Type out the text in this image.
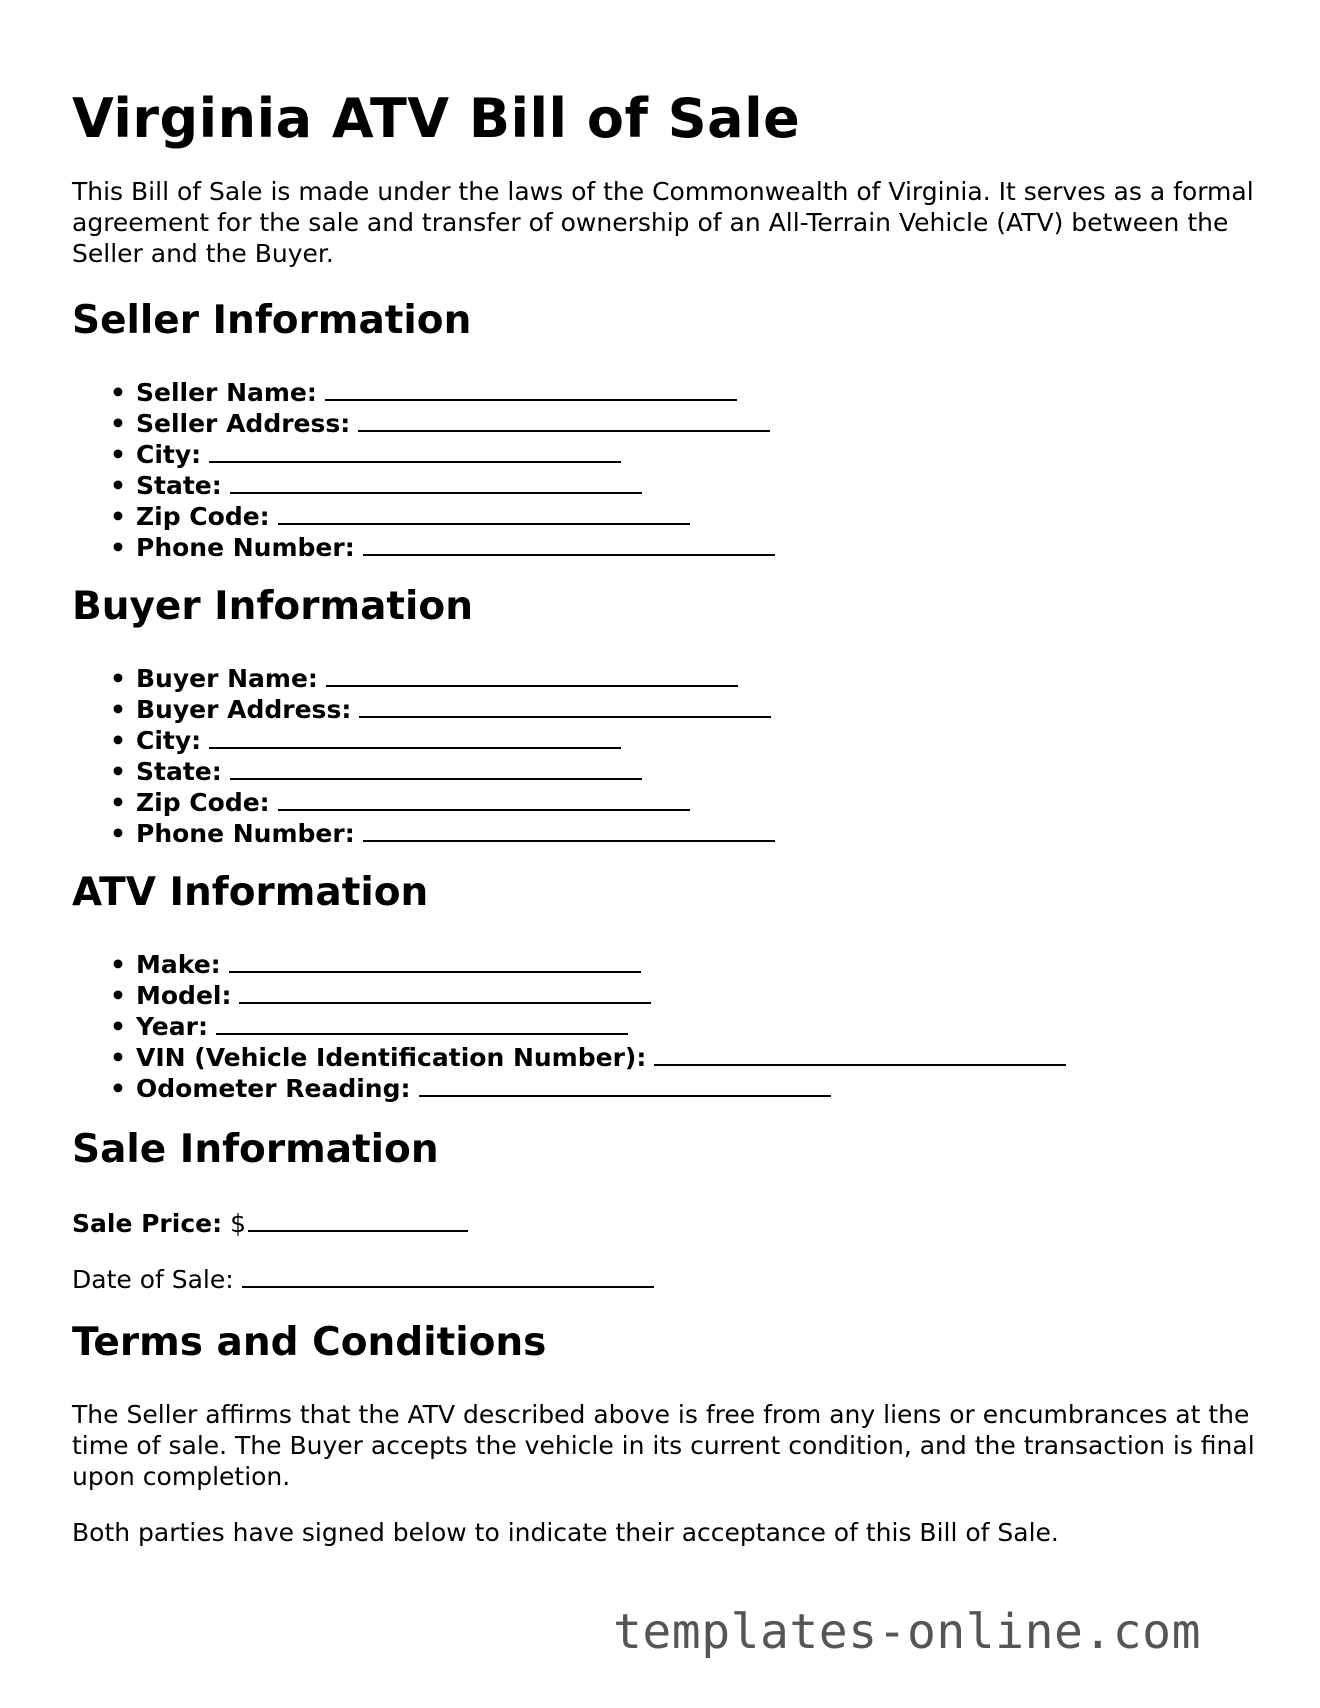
Virginia ATV Bill of Sale

This Bill of Sale is made under the laws of the Commonwealth of Virginia. It serves as a formal agreement for the sale and transfer of ownership of an All-Terrain Vehicle (ATV) between the Seller and the Buyer.

Seller Information
• Seller Name:
• Seller Address:
• City:
• State:
• Zip Code:
• Phone Number:
Buyer Information
• Buyer Name:
• Buyer Address:
• City:
• State:
• Zip Code:
• Phone Number:
ATV Information
• Make:
• Model:
• Year:
• VIN (Vehicle Identification Number):
• Odometer Reading:
Sale Information

Sale Price: $

Date of Sale:

Terms and Conditions

The Seller affirms that the ATV described above is free from any liens or encumbrances at the time of sale. The Buyer accepts the vehicle in its current condition, and the transaction is final upon completion.

Both parties have signed below to indicate their acceptance of this Bill of Sale.

templates-online.com
